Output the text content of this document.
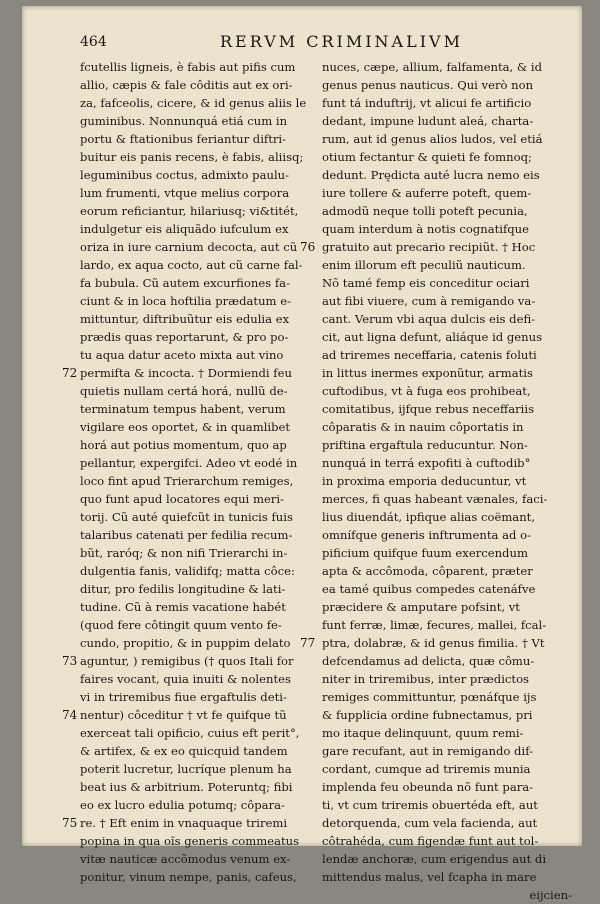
464	RERVM CRIMINALIVM
fcutellis ligneis, è fabis aut pifis cum
allio, cæpis & fale côditis aut ex ori-
za, fafceolis, cicere, & id genus aliis le
guminibus. Nonnunquá etiá cum in
portu & ftationibus feriantur diftri-
buitur eis panis recens, è fabis, aliisq;
leguminibus coctus, admixto paulu-
lum frumenti, vtque melius corpora
eorum reficiantur, hilariusq; vi&titét,
indulgetur eis aliquãdo iufculum ex
oriza in iure carnium decocta, aut cũ
lardo, ex aqua cocto, aut cũ carne fal-
fa bubula. Cũ autem excurfiones fa-
ciunt & in loca hoftilia prædatum e-
mittuntur, diftribuũtur eis edulia ex
prædis quas reportarunt, & pro po-
tu aqua datur aceto mixta aut vino
72 permifta & incocta. † Dormiendi feu
quietis nullam certá horá, nullũ de-
terminatum tempus habent, verum
vigilare eos oportet, & in quamlibet
horá aut potius momentum, quo ap
pellantur, expergifci. Adeo vt eodé in
loco fint apud Trierarchum remiges,
quo funt apud locatores equi meri-
torij. Cũ auté quiefcũt in tunicis fuis
talaribus catenati per fedilia recum-
bũt, raróq; & non nifi Trierarchi in-
dulgentia fanis, validifq; matta côce:
ditur, pro fedilis longitudine & lati-
tudine. Cũ à remis vacatione habét
(quod fere côtingit quum vento fe-
cundo, propitio, & in puppim delato
73 aguntur, ) remigibus († quos Itali for
faires vocant, quia inuiti & nolentes
vi in triremibus fiue ergaftulis deti-
74 nentur) côceditur † vt fe quifque tũ
exerceat tali opificio, cuius eft perit°,
& artifex, & ex eo quicquid tandem
poterit lucretur, lucríque plenum ha
beat ius & arbitrium. Poteruntq; fibi
eo ex lucro edulia potumq; côpara-
75 re. † Eft enim in vnaquaque triremi
popina in qua oĩs generis commeatus
vitæ nauticæ accõmodus venum ex-
ponitur, vinum nempe, panis, cafeus,
nuces, cæpe, allium, falfamenta, & id
genus penus nauticus. Qui verò non
funt tá induftrij, vt alicui fe artificio
dedant, impune ludunt aleá, charta-
rum, aut id genus alios ludos, vel etiá
otium fectantur & quieti fe fomnoq;
dedunt. Prędicta auté lucra nemo eis
iure tollere & auferre poteft, quem-
admodũ neque tolli poteft pecunia,
quam interdum à notis cognatifque
76 gratuito aut precario recipiũt. † Hoc
enim illorum eft peculiũ nauticum.
Nõ tamé femp eis conceditur ociari
aut fibi viuere, cum à remigando va-
cant. Verum vbi aqua dulcis eis defi-
cit, aut ligna defunt, aliáque id genus
ad triremes neceffaria, catenis foluti
in littus inermes exponũtur, armatis
cuftodibus, vt à fuga eos prohibeat,
comitatibus, ijfque rebus neceffariis
côparatis & in nauim côportatis in
priftina ergaftula reducuntur. Non-
nunquá in terrá expofiti à cuftodib°
in proxima emporia deducuntur, vt
merces, fi quas habeant vænales, faci-
lius diuendát, ipfique alias coëmant,
omnífque generis inftrumenta ad o-
pificium quifque fuum exercendum
apta & accômoda, côparent, præter
ea tamé quibus compedes catenáfve
præcidere & amputare pofsint, vt
funt ferræ, limæ, fecures, mallei, fcal-
77 ptra, dolabræ, & id genus fimilia. † Vt
defcendamus ad delicta, quæ cômu-
niter in triremibus, inter prædictos
remiges committuntur, pœnáfque ijs
& fupplicia ordine fubnectamus, pri
mo itaque delinquunt, quum remi-
gare recufant, aut in remigando dif-
cordant, cumque ad triremis munia
implenda feu obeunda nõ funt para-
ti, vt cum triremis obuertéda eft, aut
detorquenda, cum vela facienda, aut
côtrahéda, cum figendæ funt aut tol-
lendæ anchoræ, cum erigendus aut di
mittendus malus, vel fcapha in mare
eijcien-
